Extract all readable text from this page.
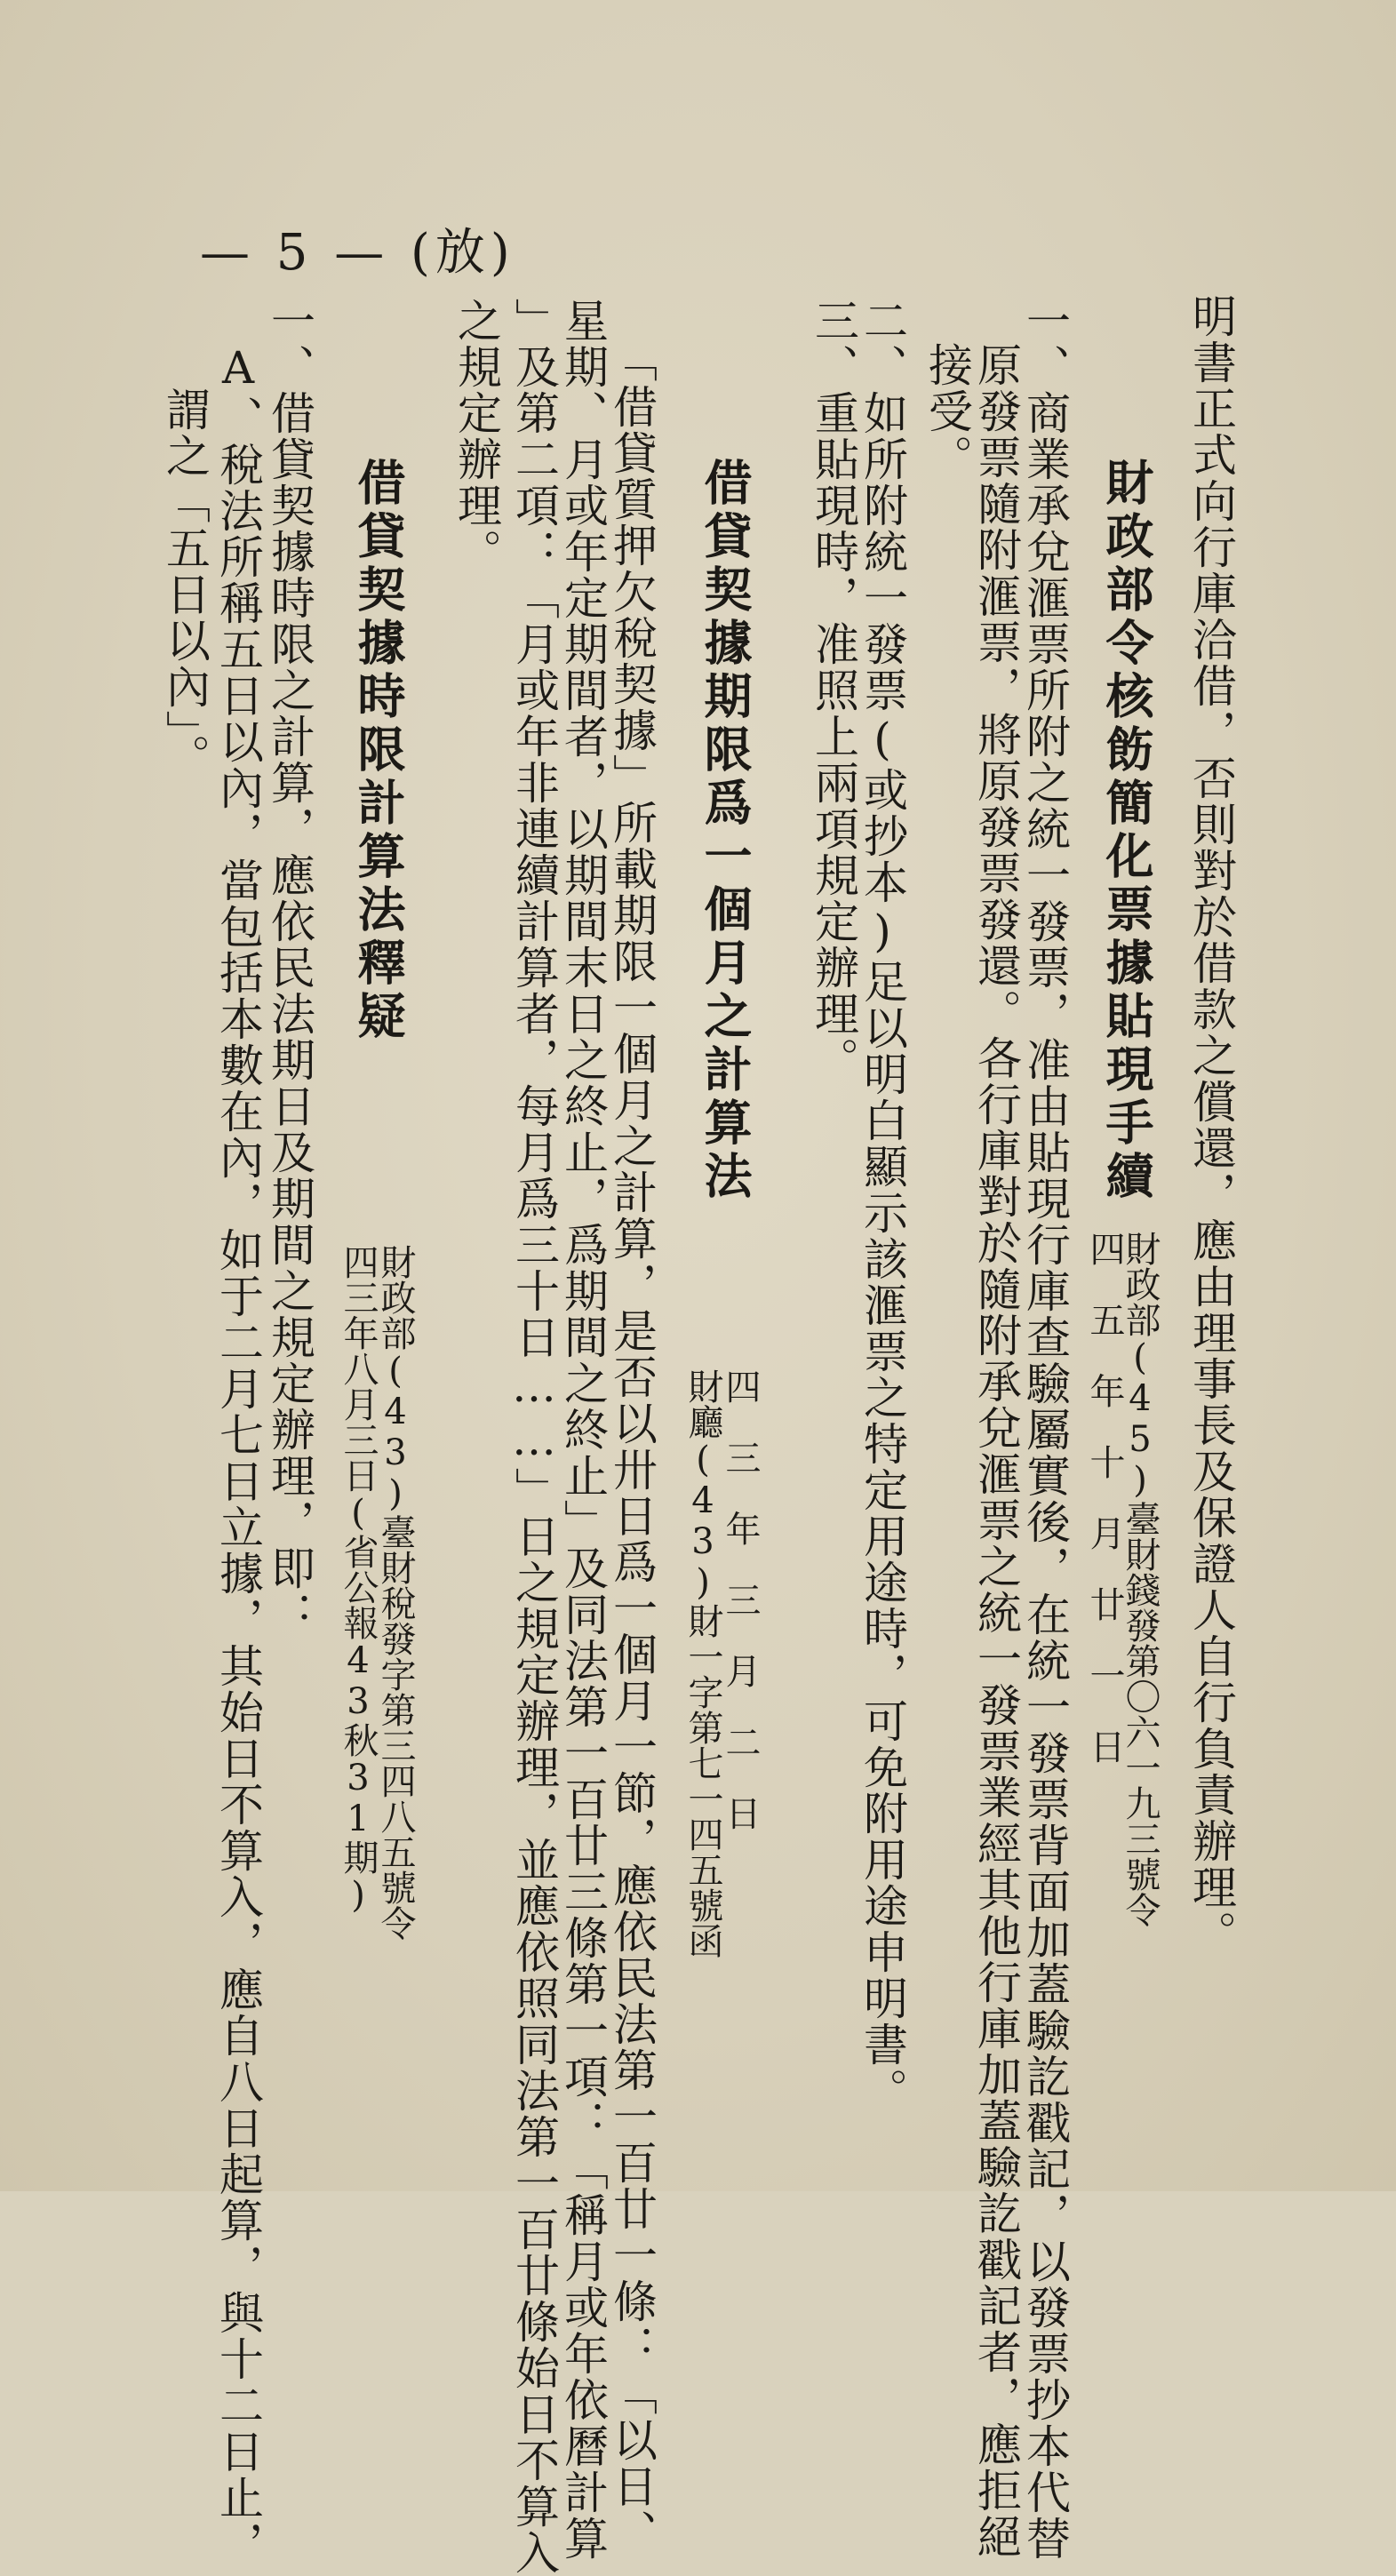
明書正式向行庫洽借，否則對於借款之償還，應由理事長及保證人自行負責辦理。
財政部令核飭簡化票據貼現手續
財政部(45)臺財錢發第〇六一九三號令
四　五　年　十　月　廿　一　日
一、商業承兌滙票所附之統一發票，准由貼現行庫查驗屬實後，在統一發票背面加蓋驗訖戳記，以發票抄本代替
原發票隨附滙票，將原發票發還。各行庫對於隨附承兌滙票之統一發票業經其他行庫加蓋驗訖戳記者，應拒絕
接受。
二、如所附統一發票(或抄本)足以明白顯示該滙票之特定用途時，可免附用途申明書。
三、重貼現時，准照上兩項規定辦理。
借貸契據期限爲一個月之計算法
四　三　年　三　月　二　日
財廳(43)財一字第七一四五號函
「借貸質押欠稅契據」所載期限一個月之計算，是否以卅日爲一個月一節，應依民法第一百廿一條：「以日、
星期、月或年定期間者，以期間末日之終止，爲期間之終止」及同法第一百廿三條第一項：「稱月或年依曆計算
」及第二項：「月或年非連續計算者，每月爲三十日……」日之規定辦理，並應依照同法第一百廿條始日不算入
之規定辦理。
借貸契據時限計算法釋疑
財政部(43)臺財稅發字第三四八五號令
四三年八月三日(省公報43秋31期)
一、借貸契據時限之計算，應依民法期日及期間之規定辦理，即：
A、稅法所稱五日以內，當包括本數在內，如于二月七日立據，其始日不算入，應自八日起算，與十二日止，
謂之「五日以內」。
— 5 — (放)
